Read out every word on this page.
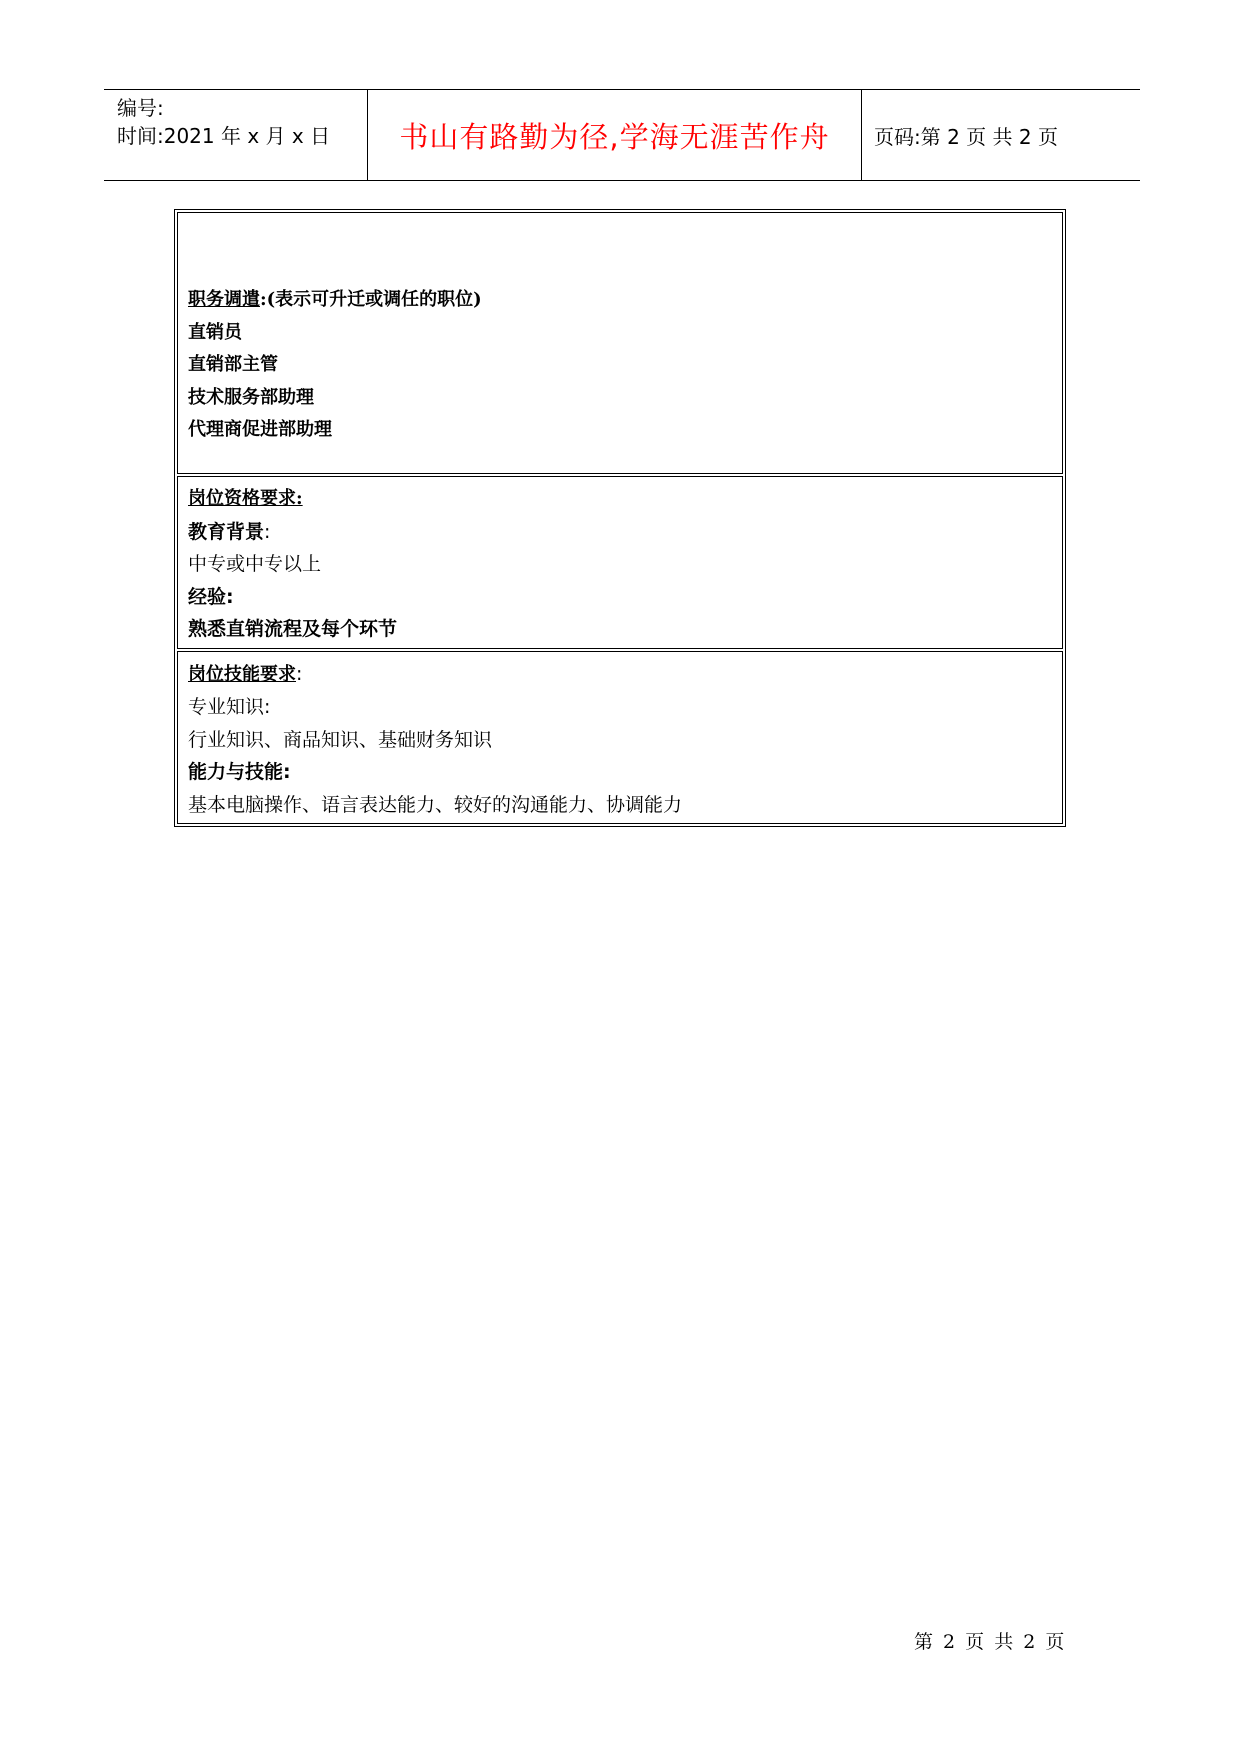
编号:
时间:2021 年 x 月 x 日	书山有路勤为径,学海无涯苦作舟 页码:第 2 页 共 2 页
职务调遣:(表示可升迁或调任的职位)
直销员
直销部主管
技术服务部助理
代理商促进部助理
岗位资格要求:
教育背景:
中专或中专以上
经验:
熟悉直销流程及每个环节
岗位技能要求:
专业知识:
行业知识、商品知识、基础财务知识
能力与技能:
基本电脑操作、语言表达能力、较好的沟通能力、协调能力
第 2 页 共 2 页
